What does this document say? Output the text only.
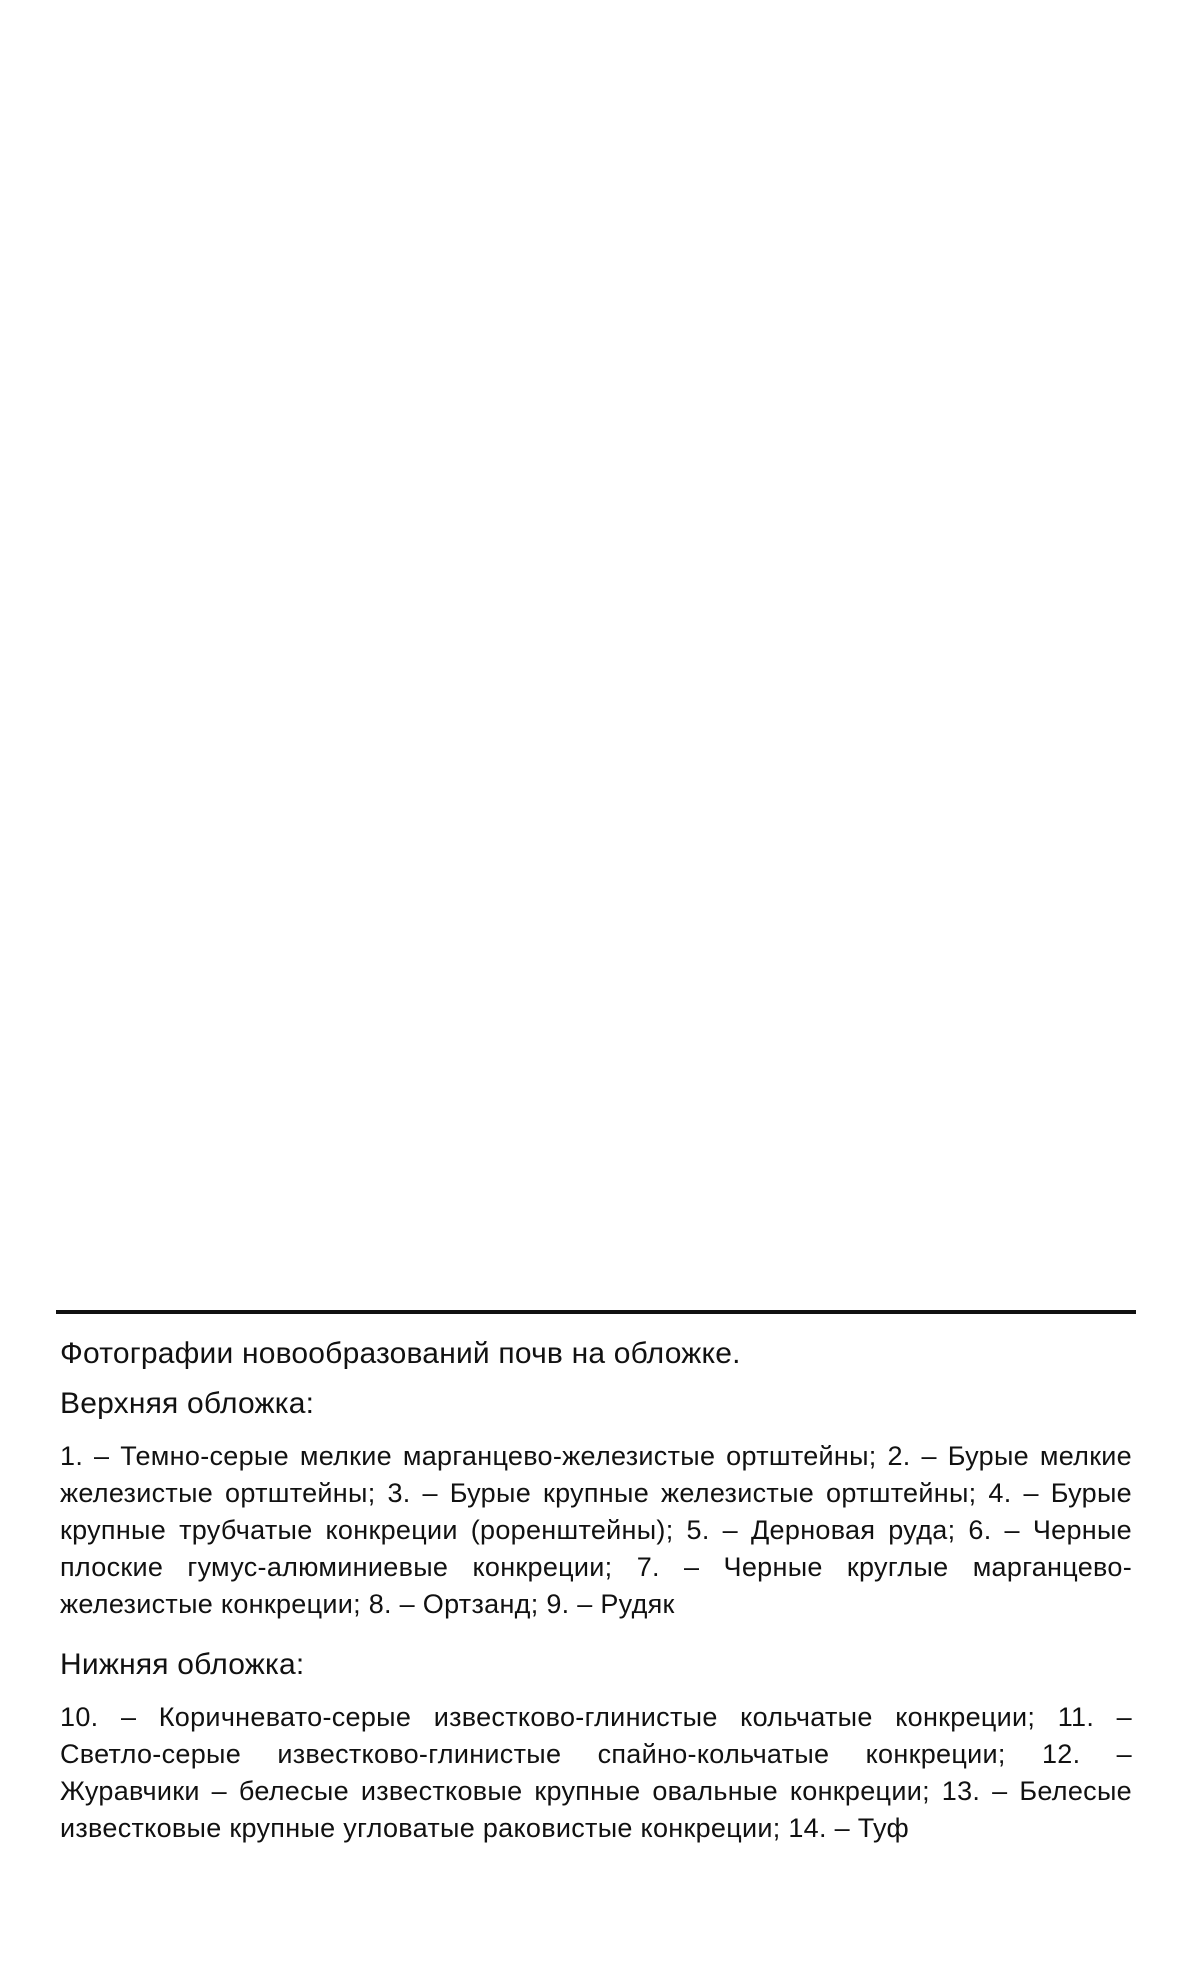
Фотографии новообразований почв на обложке.

Верхняя обложка:

1. – Темно-серые мелкие марганцево-железистые ортштейны; 2. – Бурые мелкие железистые ортштейны; 3. – Бурые крупные железистые ортштейны; 4. – Бурые крупные трубчатые конкреции (роренштейны); 5. – Дерновая руда; 6. – Черные плоские гумус-алюминиевые конкреции; 7. – Черные круглые марганцево-железистые конкреции; 8. – Ортзанд; 9. – Рудяк

Нижняя обложка:

10. – Коричневато-серые известково-глинистые кольчатые конкреции; 11. – Светло-серые известково-глинистые спайно-кольчатые конкреции; 12. – Журавчики – белесые известковые крупные овальные конкреции; 13. – Белесые известковые крупные угловатые раковистые конкреции; 14. – Туф
